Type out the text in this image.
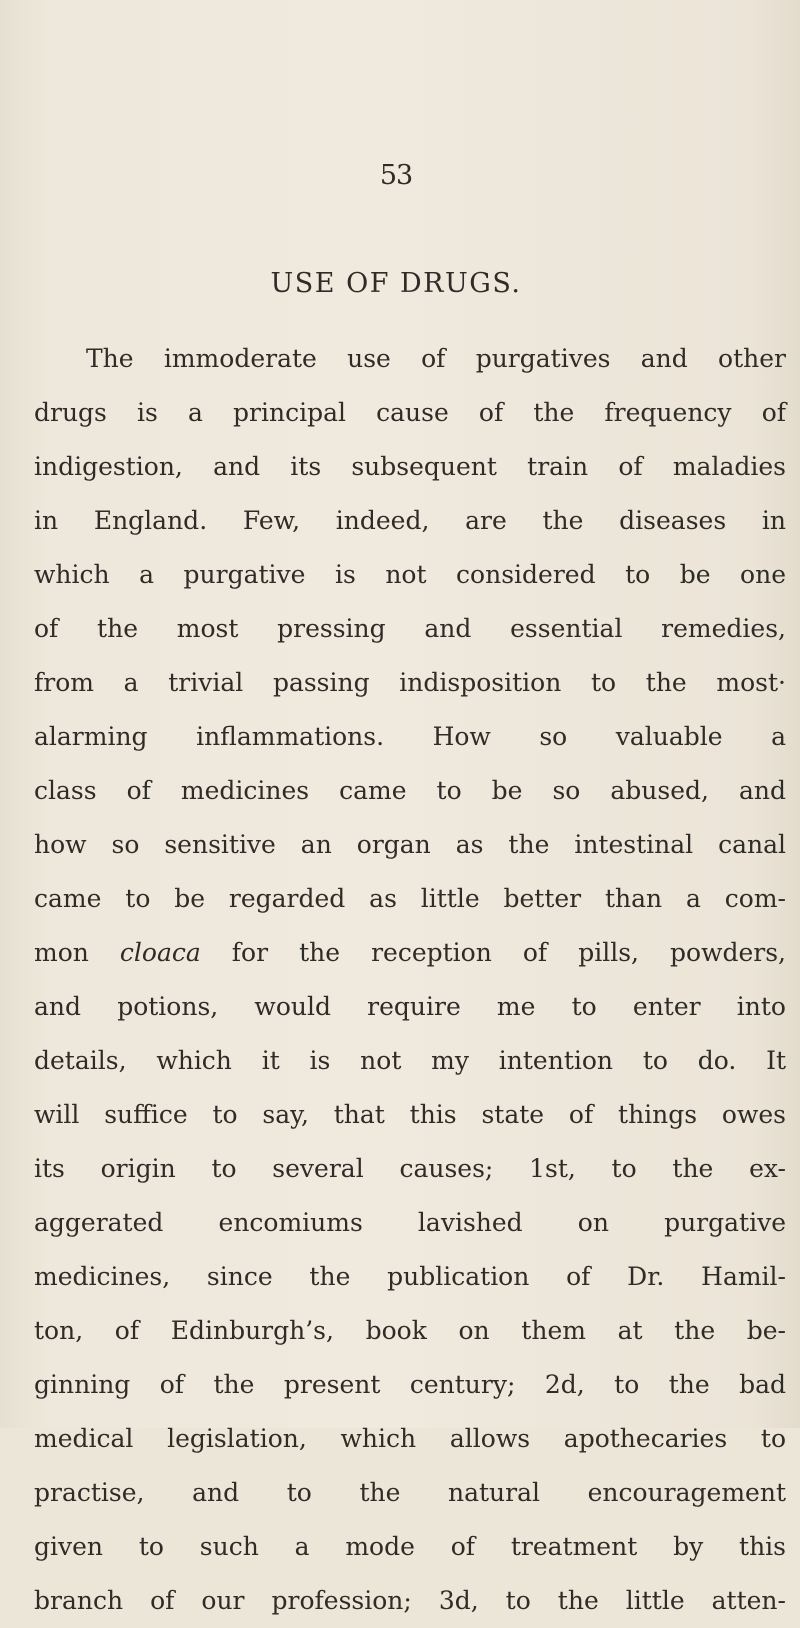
53
USE OF DRUGS.
The immoderate use of purgatives and other
drugs is a principal cause of the frequency of
indigestion, and its subsequent train of maladies
in England. Few, indeed, are the diseases in
which a purgative is not considered to be one
of the most pressing and essential remedies,
from a trivial passing indisposition to the most·
alarming inflammations. How so valuable a
class of medicines came to be so abused, and
how so sensitive an organ as the intestinal canal
came to be regarded as little better than a com-
mon cloaca for the reception of pills, powders,
and potions, would require me to enter into
details, which it is not my intention to do. It
will suffice to say, that this state of things owes
its origin to several causes; 1st, to the ex-
aggerated encomiums lavished on purgative
medicines, since the publication of Dr. Hamil-
ton, of Edinburgh’s, book on them at the be-
ginning of the present century; 2d, to the bad
medical legislation, which allows apothecaries to
practise, and to the natural encouragement
given to such a mode of treatment by this
branch of our profession; 3d, to the little atten-
